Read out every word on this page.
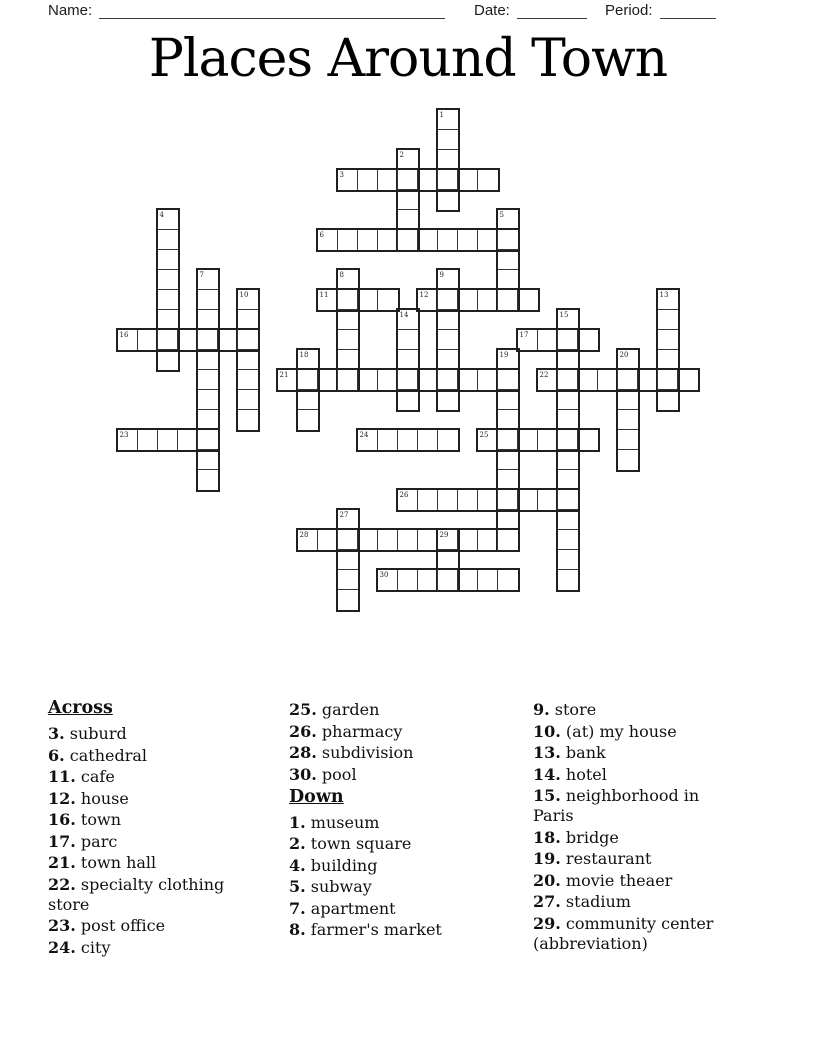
Name:	Date:	Period:
Places Around Town
1
2
3
4	5
6
7	8	9
10	11	12	13
14	15
16	17
18	19	20
21	22
23	24	25
26
27
28	29
30
Across
3. suburd
6. cathedral
11. cafe
12. house
16. town
17. parc
21. town hall
22. specialty clothing store
23. post office
24. city
25. garden
26. pharmacy
28. subdivision
30. pool
Down
1. museum
2. town square
4. building
5. subway
7. apartment
8. farmer's market
9. store
10. (at) my house
13. bank
14. hotel
15. neighborhood in Paris
18. bridge
19. restaurant
20. movie theaer
27. stadium
29. community center (abbreviation)
